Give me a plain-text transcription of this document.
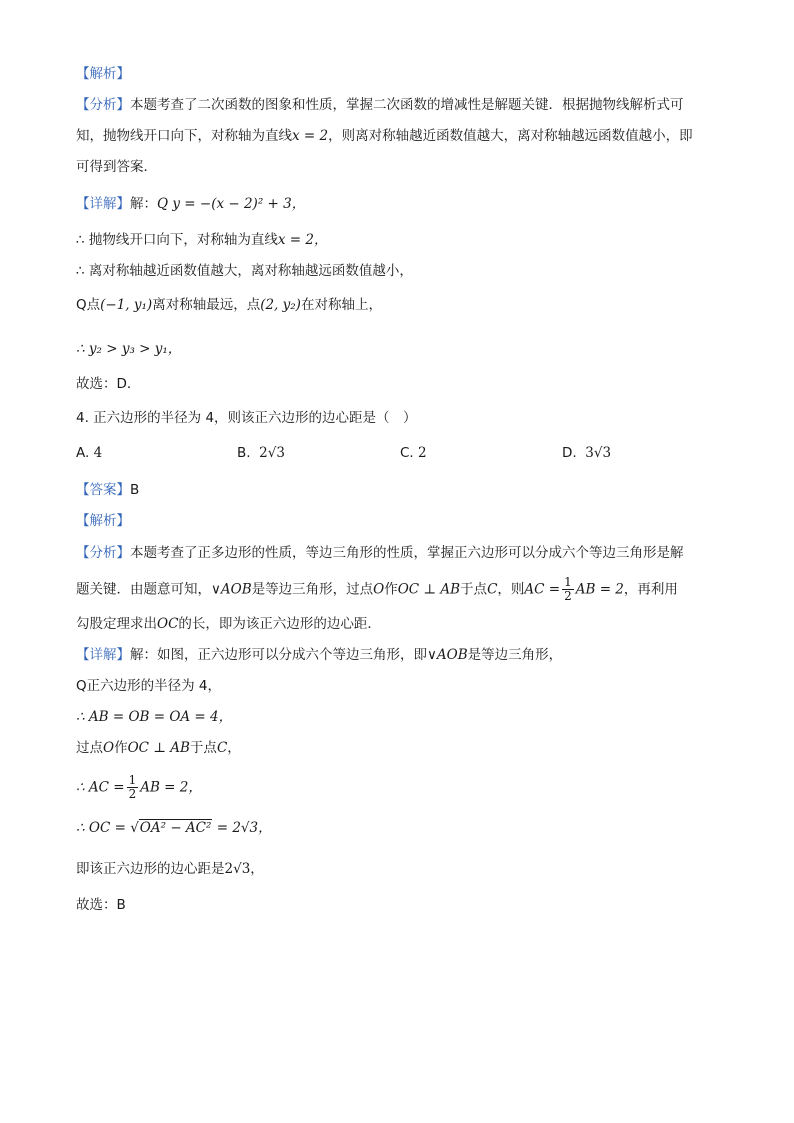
【解析】
【分析】本题考查了二次函数的图象和性质，掌握二次函数的增减性是解题关键．根据抛物线解析式可
知，抛物线开口向下，对称轴为直线x = 2，则离对称轴越近函数值越大，离对称轴越远函数值越小，即
可得到答案．
【详解】解：Q y = −(x − 2)² + 3，
∴ 抛物线开口向下，对称轴为直线x = 2，
∴ 离对称轴越近函数值越大，离对称轴越远函数值越小，
Q点(−1, y₁)离对称轴最远，点(2, y₂)在对称轴上，
∴ y₂ > y₃ > y₁，
故选：D．
4. 正六边形的半径为 4，则该正六边形的边心距是（　）
A. 4	B. 2√3	C. 2	D. 3√3
【答案】B
【解析】
【分析】本题考查了正多边形的性质，等边三角形的性质，掌握正六边形可以分成六个等边三角形是解
题关键．由题意可知，∨AOB是等边三角形，过点O作OC ⊥ AB于点C，则AC = $\frac{1}{2}$ AB = 2，再利用
勾股定理求出OC的长，即为该正六边形的边心距．
【详解】解：如图，正六边形可以分成六个等边三角形，即∨AOB是等边三角形，
Q正六边形的半径为 4，
∴ AB = OB = OA = 4，
过点O作OC ⊥ AB于点C，
∴ AC = $\frac{1}{2}$ AB = 2，
∴ OC = √OA² − AC² = 2√3，
即该正六边形的边心距是2√3，
故选：B
